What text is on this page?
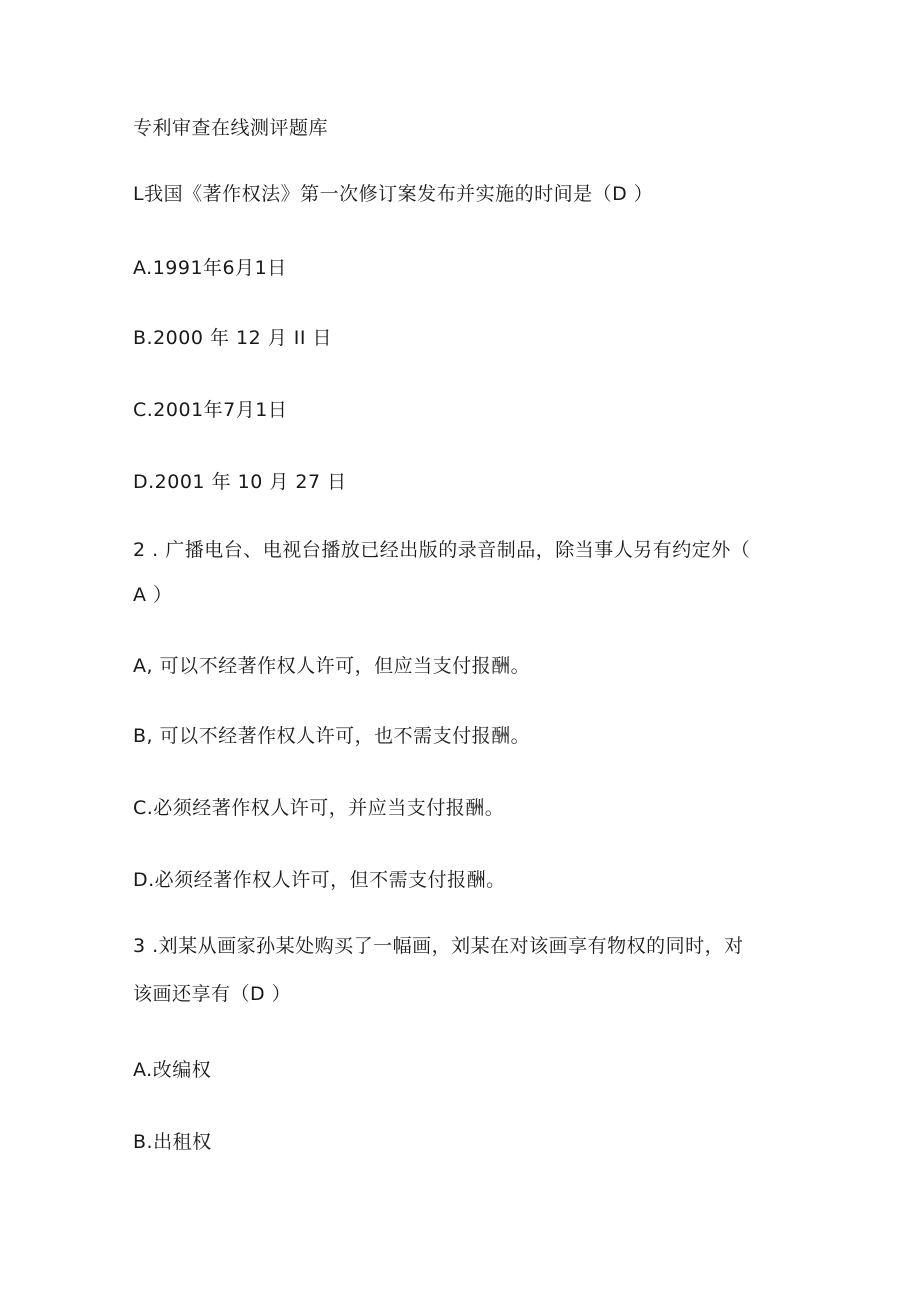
专利审查在线测评题库
L我国《著作权法》第一次修订案发布并实施的时间是（D ）
A.1991年6月1日
B.2000 年 12 月 II 日
C.2001年7月1日
D.2001 年 10 月 27 日
2 . 广播电台、电视台播放已经出版的录音制品，除当事人另有约定外（
A ）
A, 可以不经著作权人许可，但应当支付报酬。
B, 可以不经著作权人许可，也不需支付报酬。
C.必须经著作权人许可，并应当支付报酬。
D.必须经著作权人许可，但不需支付报酬。
3 .刘某从画家孙某处购买了一幅画，刘某在对该画享有物权的同时，对
该画还享有（D ）
A.改编权
B.出租权
